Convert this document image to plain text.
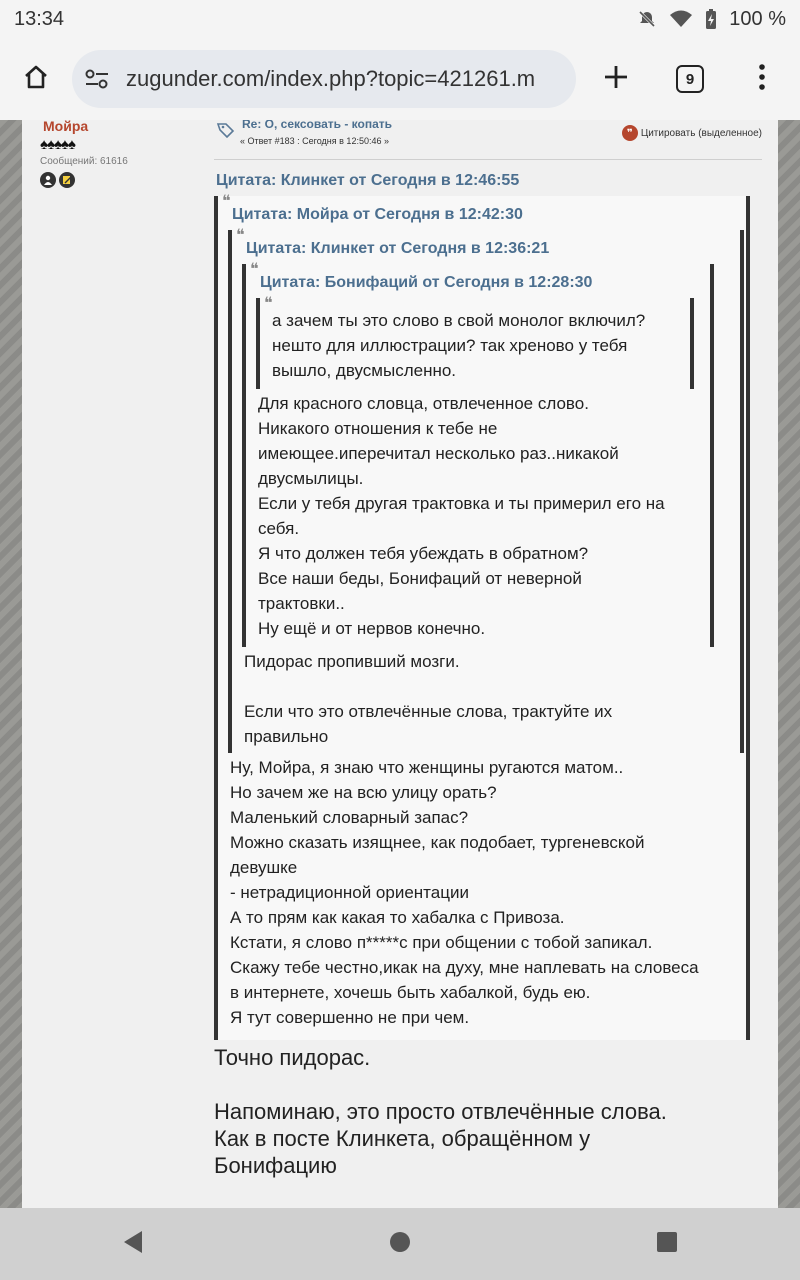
13:34	100 %
zugunder.com/index.php?topic=421261.m	9
Мойра
♠♠♠♠♠
Сообщений: 61616
Re: О, сексовать - копать
« Ответ #183 : Сегодня в 12:50:46 »
❞ Цитировать (выделенное)
Цитата: Клинкет от Сегодня в 12:46:55
❝
Цитата: Мойра от Сегодня в 12:42:30
❝
Цитата: Клинкет от Сегодня в 12:36:21
❝
Цитата: Бонифаций от Сегодня в 12:28:30
❝
а зачем ты это слово в свой монолог включил?
нешто для иллюстрации? так хреново у тебя
вышло, двусмысленно.
Для красного словца, отвлеченное слово.
Никакого отношения к тебе не
имеющее.иперечитал несколько раз..никакой
двусмылицы.
Если у тебя другая трактовка и ты примерил его на
себя.
Я что должен тебя убеждать в обратном?
Все наши беды, Бонифаций от неверной
трактовки..
Ну ещё и от нервов конечно.
Пидорас пропивший мозги.

Если что это отвлечённые слова, трактуйте их
правильно
Ну, Мойра, я знаю что женщины ругаются матом..
Но зачем же на всю улицу орать?
Маленький словарный запас?
Можно сказать изящнее, как подобает, тургеневской
девушке
- нетрадиционной ориентации
А то прям как какая то хабалка с Привоза.
Кстати, я слово п*****с при общении с тобой запикал.
Скажу тебе честно,икак на духу, мне наплевать на словеса
в интернете, хочешь быть хабалкой, будь ею.
Я тут совершенно не при чем.
Точно пидорас.

Напоминаю, это просто отвлечённые слова.
Как в посте Клинкета, обращённом у
Бонифацию
